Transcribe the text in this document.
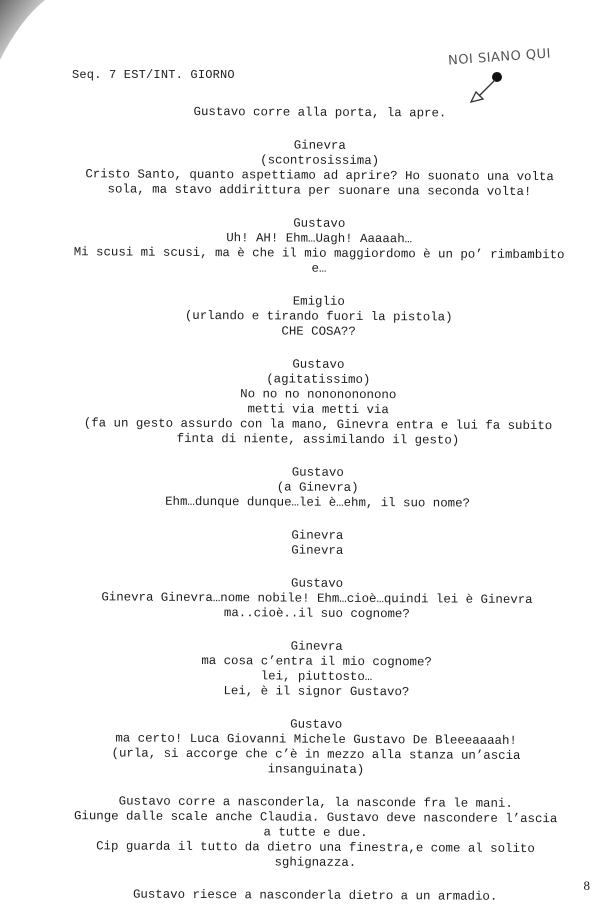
Seq. 7 EST/INT. GIORNO
NOI SIANO QUI
Gustavo corre alla porta, la apre.
Ginevra
(scontrosissima)
Cristo Santo, quanto aspettiamo ad aprire? Ho suonato una volta
sola, ma stavo addirittura per suonare una seconda volta!
Gustavo
Uh! AH! Ehm…Uagh! Aaaaah…
Mi scusi mi scusi, ma è che il mio maggiordomo è un po’ rimbambito
e…
Emiglio
(urlando e tirando fuori la pistola)
CHE COSA??
Gustavo
(agitatissimo)
No no no nononononono
metti via metti via
(fa un gesto assurdo con la mano, Ginevra entra e lui fa subito
finta di niente, assimilando il gesto)
Gustavo
(a Ginevra)
Ehm…dunque dunque…lei è…ehm, il suo nome?
Ginevra
Ginevra
Gustavo
Ginevra Ginevra…nome nobile! Ehm…cioè…quindi lei è Ginevra
ma..cioè..il suo cognome?
Ginevra
ma cosa c’entra il mio cognome?
lei, piuttosto…
Lei, è il signor Gustavo?
Gustavo
ma certo! Luca Giovanni Michele Gustavo De Bleeeaaaah!
(urla, si accorge che c’è in mezzo alla stanza un’ascia
insanguinata)
Gustavo corre a nasconderla, la nasconde fra le mani.
Giunge dalle scale anche Claudia. Gustavo deve nascondere l’ascia
a tutte e due.
Cip guarda il tutto da dietro una finestra,e come al solito
sghignazza.
Gustavo riesce a nasconderla dietro a un armadio.
8
